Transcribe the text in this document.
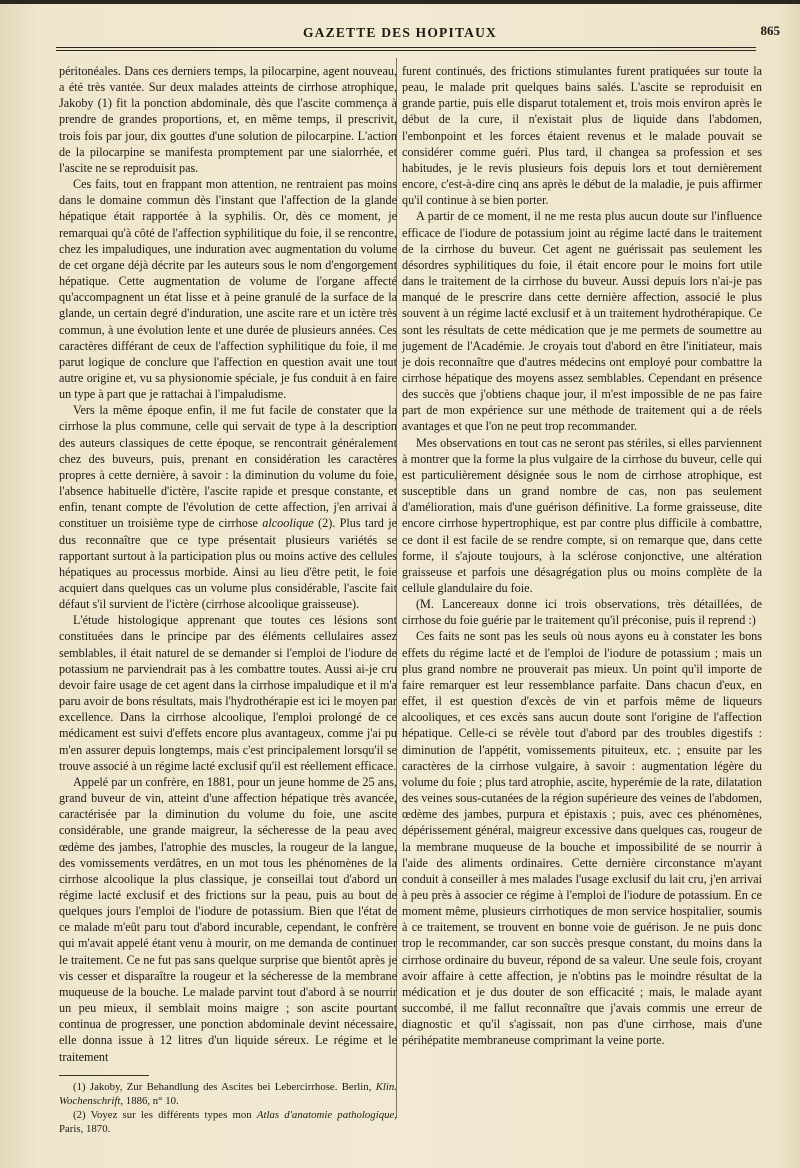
GAZETTE DES HOPITAUX	865

péritonéales. Dans ces derniers temps, la pilocarpine, agent nouveau, a été très vantée. Sur deux malades atteints de cirrhose atrophique, Jakoby (1) fit la ponction abdominale, dès que l'ascite commença à prendre de grandes proportions, et, en même temps, il prescrivit, trois fois par jour, dix gouttes d'une solution de pilocarpine. L'action de la pilocarpine se manifesta promptement par une sialorrhée, et l'ascite ne se reproduisit pas.

Ces faits, tout en frappant mon attention, ne rentraient pas moins dans le domaine commun dès l'instant que l'affection de la glande hépatique était rapportée à la syphilis. Or, dès ce moment, je remarquai qu'à côté de l'affection syphilitique du foie, il se rencontre, chez les impaludiques, une induration avec augmentation du volume de cet organe déjà décrite par les auteurs sous le nom d'engorgement hépatique. Cette augmentation de volume de l'organe affecté qu'accompagnent un état lisse et à peine granulé de la surface de la glande, un certain degré d'induration, une ascite rare et un ictère très commun, à une évolution lente et une durée de plusieurs années. Ces caractères différant de ceux de l'affection syphilitique du foie, il me parut logique de conclure que l'affection en question avait une tout autre origine et, vu sa physionomie spéciale, je fus conduit à en faire un type à part que je rattachai à l'impaludisme.

Vers la même époque enfin, il me fut facile de constater que la cirrhose la plus commune, celle qui servait de type à la description des auteurs classiques de cette époque, se rencontrait généralement chez des buveurs, puis, prenant en considération les caractères propres à cette dernière, à savoir : la diminution du volume du foie, l'absence habituelle d'ictère, l'ascite rapide et presque constante, et enfin, tenant compte de l'évolution de cette affection, j'en arrivai à constituer un troisième type de cirrhose alcoolique (2). Plus tard je dus reconnaître que ce type présentait plusieurs variétés se rapportant surtout à la participation plus ou moins active des cellules hépatiques au processus morbide. Ainsi au lieu d'être petit, le foie acquiert dans quelques cas un volume plus considérable, l'ascite fait défaut s'il survient de l'ictère (cirrhose alcoolique graisseuse).

L'étude histologique apprenant que toutes ces lésions sont constituées dans le principe par des éléments cellulaires assez semblables, il était naturel de se demander si l'emploi de l'iodure de potassium ne parviendrait pas à les combattre toutes. Aussi ai-je cru devoir faire usage de cet agent dans la cirrhose impaludique et il m'a paru avoir de bons résultats, mais l'hydrothérapie est ici le moyen par excellence. Dans la cirrhose alcoolique, l'emploi prolongé de ce médicament est suivi d'effets encore plus avantageux, comme j'ai pu m'en assurer depuis longtemps, mais c'est principalement lorsqu'il se trouve associé à un régime lacté exclusif qu'il est réellement efficace.

Appelé par un confrère, en 1881, pour un jeune homme de 25 ans, grand buveur de vin, atteint d'une affection hépatique très avancée, caractérisée par la diminution du volume du foie, une ascite considérable, une grande maigreur, la sécheresse de la peau avec œdème des jambes, l'atrophie des muscles, la rougeur de la langue, des vomissements verdâtres, en un mot tous les phénomènes de la cirrhose alcoolique la plus classique, je conseillai tout d'abord un régime lacté exclusif et des frictions sur la peau, puis au bout de quelques jours l'emploi de l'iodure de potassium. Bien que l'état de ce malade m'eût paru tout d'abord incurable, cependant, le confrère qui m'avait appelé étant venu à mourir, on me demanda de continuer le traitement. Ce ne fut pas sans quelque surprise que bientôt après je vis cesser et disparaître la rougeur et la sécheresse de la membrane muqueuse de la bouche. Le malade parvint tout d'abord à se nourrir un peu mieux, il semblait moins maigre ; son ascite pourtant continua de progresser, une ponction abdominale devint nécessaire, elle donna issue à 12 litres d'un liquide séreux. Le régime et le traitement

(1) Jakoby, Zur Behandlung des Ascites bei Lebercirrhose. Berlin, Klin. Wochenschrift, 1886, n° 10.

(2) Voyez sur les différents types mon Atlas d'anatomie pathologique, Paris, 1870.

furent continués, des frictions stimulantes furent pratiquées sur toute la peau, le malade prit quelques bains salés. L'ascite se reproduisit en grande partie, puis elle disparut totalement et, trois mois environ après le début de la cure, il n'existait plus de liquide dans l'abdomen, l'embonpoint et les forces étaient revenus et le malade pouvait se considérer comme guéri. Plus tard, il changea sa profession et ses habitudes, je le revis plusieurs fois depuis lors et tout dernièrement encore, c'est-à-dire cinq ans après le début de la maladie, je puis affirmer qu'il continue à se bien porter.

A partir de ce moment, il ne me resta plus aucun doute sur l'influence efficace de l'iodure de potassium joint au régime lacté dans le traitement de la cirrhose du buveur. Cet agent ne guérissait pas seulement les désordres syphilitiques du foie, il était encore pour le moins fort utile dans le traitement de la cirrhose du buveur. Aussi depuis lors n'ai-je pas manqué de le prescrire dans cette dernière affection, associé le plus souvent à un régime lacté exclusif et à un traitement hydrothérapique. Ce sont les résultats de cette médication que je me permets de soumettre au jugement de l'Académie. Je croyais tout d'abord en être l'initiateur, mais je dois reconnaître que d'autres médecins ont employé pour combattre la cirrhose hépatique des moyens assez semblables. Cependant en présence des succès que j'obtiens chaque jour, il m'est impossible de ne pas faire part de mon expérience sur une méthode de traitement qui a de réels avantages et que l'on ne peut trop recommander.

Mes observations en tout cas ne seront pas stériles, si elles parviennent à montrer que la forme la plus vulgaire de la cirrhose du buveur, celle qui est particulièrement désignée sous le nom de cirrhose atrophique, est susceptible dans un grand nombre de cas, non pas seulement d'amélioration, mais d'une guérison définitive. La forme graisseuse, dite encore cirrhose hypertrophique, est par contre plus difficile à combattre, ce dont il est facile de se rendre compte, si on remarque que, dans cette forme, il s'ajoute toujours, à la sclérose conjonctive, une altération graisseuse et parfois une désagrégation plus ou moins complète de la cellule glandulaire du foie.

(M. Lancereaux donne ici trois observations, très détaillées, de cirrhose du foie guérie par le traitement qu'il préconise, puis il reprend :)

Ces faits ne sont pas les seuls où nous ayons eu à constater les bons effets du régime lacté et de l'emploi de l'iodure de potassium ; mais un plus grand nombre ne prouverait pas mieux. Un point qu'il importe de faire remarquer est leur ressemblance parfaite. Dans chacun d'eux, en effet, il est question d'excès de vin et parfois même de liqueurs alcooliques, et ces excès sans aucun doute sont l'origine de l'affection hépatique. Celle-ci se révèle tout d'abord par des troubles digestifs : diminution de l'appétit, vomissements pituiteux, etc. ; ensuite par les caractères de la cirrhose vulgaire, à savoir : augmentation légère du volume du foie ; plus tard atrophie, ascite, hyperémie de la rate, dilatation des veines sous-cutanées de la région supérieure des veines de l'abdomen, œdème des jambes, purpura et épistaxis ; puis, avec ces phénomènes, dépérissement général, maigreur excessive dans quelques cas, rougeur de la membrane muqueuse de la bouche et impossibilité de se nourrir à l'aide des aliments ordinaires. Cette dernière circonstance m'ayant conduit à conseiller à mes malades l'usage exclusif du lait cru, j'en arrivai à peu près à associer ce régime à l'emploi de l'iodure de potassium. En ce moment même, plusieurs cirrhotiques de mon service hospitalier, soumis à ce traitement, se trouvent en bonne voie de guérison. Je ne puis donc trop le recommander, car son succès presque constant, du moins dans la cirrhose ordinaire du buveur, répond de sa valeur. Une seule fois, croyant avoir affaire à cette affection, je n'obtins pas le moindre résultat de la médication et je dus douter de son efficacité ; mais, le malade ayant succombé, il me fallut reconnaître que j'avais commis une erreur de diagnostic et qu'il s'agissait, non pas d'une cirrhose, mais d'une périhépatite membraneuse comprimant la veine porte.
